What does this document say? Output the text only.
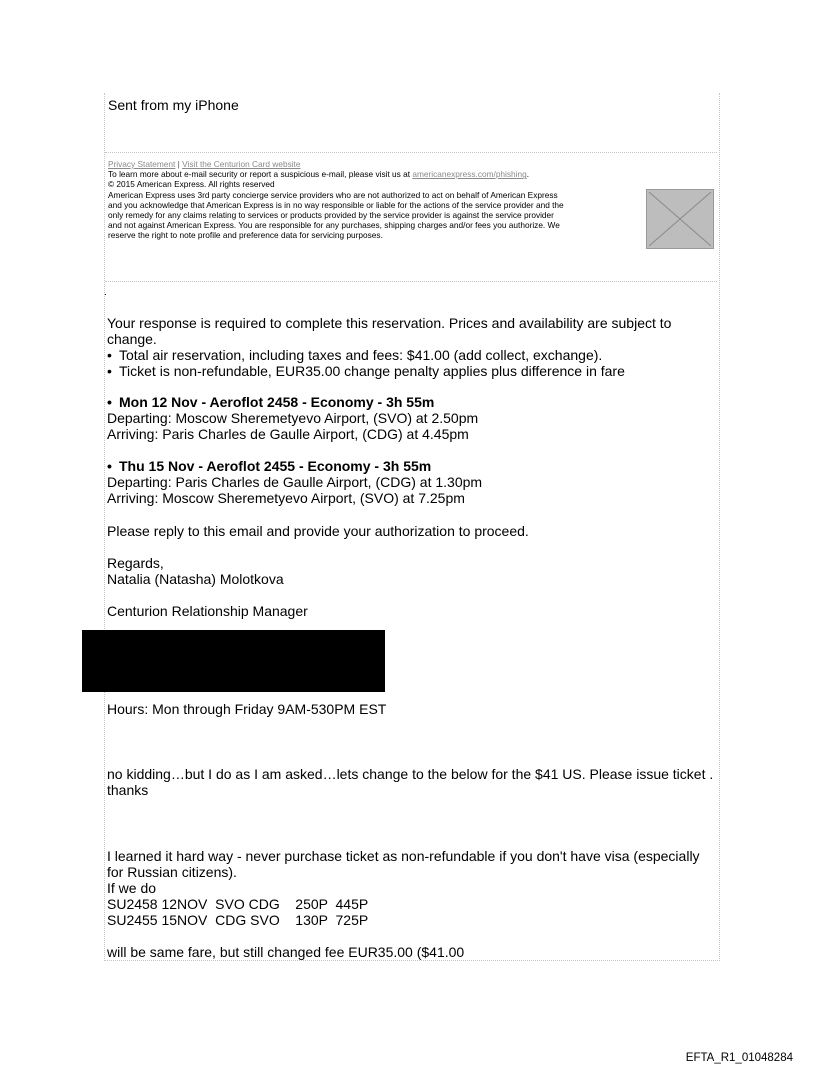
Sent from my iPhone
Privacy Statement | Visit the Centurion Card website
To learn more about e-mail security or report a suspicious e-mail, please visit us at americanexpress.com/phishing.
© 2015 American Express. All rights reserved
American Express uses 3rd party concierge service providers who are not authorized to act on behalf of American Express
and you acknowledge that American Express is in no way responsible or liable for the actions of the service provider and the
only remedy for any claims relating to services or products provided by the service provider is against the service provider
and not against American Express. You are responsible for any purchases, shipping charges and/or fees you authorize. We
reserve the right to note profile and preference data for servicing purposes.
.
Your response is required to complete this reservation. Prices and availability are subject to
change.
• Total air reservation, including taxes and fees: $41.00 (add collect, exchange).
• Ticket is non-refundable, EUR35.00 change penalty applies plus difference in fare
• Mon 12 Nov - Aeroflot 2458 - Economy - 3h 55m
Departing: Moscow Sheremetyevo Airport, (SVO) at 2.50pm
Arriving: Paris Charles de Gaulle Airport, (CDG) at 4.45pm
• Thu 15 Nov - Aeroflot 2455 - Economy - 3h 55m
Departing: Paris Charles de Gaulle Airport, (CDG) at 1.30pm
Arriving: Moscow Sheremetyevo Airport, (SVO) at 7.25pm
Please reply to this email and provide your authorization to proceed.
Regards,
Natalia (Natasha) Molotkova
Centurion Relationship Manager
Hours: Mon through Friday 9AM-530PM EST
no kidding…but I do as I am asked…lets change to the below for the $41 US. Please issue ticket .
thanks
I learned it hard way - never purchase ticket as non-refundable if you don't have visa (especially
for Russian citizens).
If we do
SU2458 12NOV  SVO CDG    250P  445P
SU2455 15NOV  CDG SVO    130P  725P
will be same fare, but still changed fee EUR35.00 ($41.00
EFTA_R1_01048284
